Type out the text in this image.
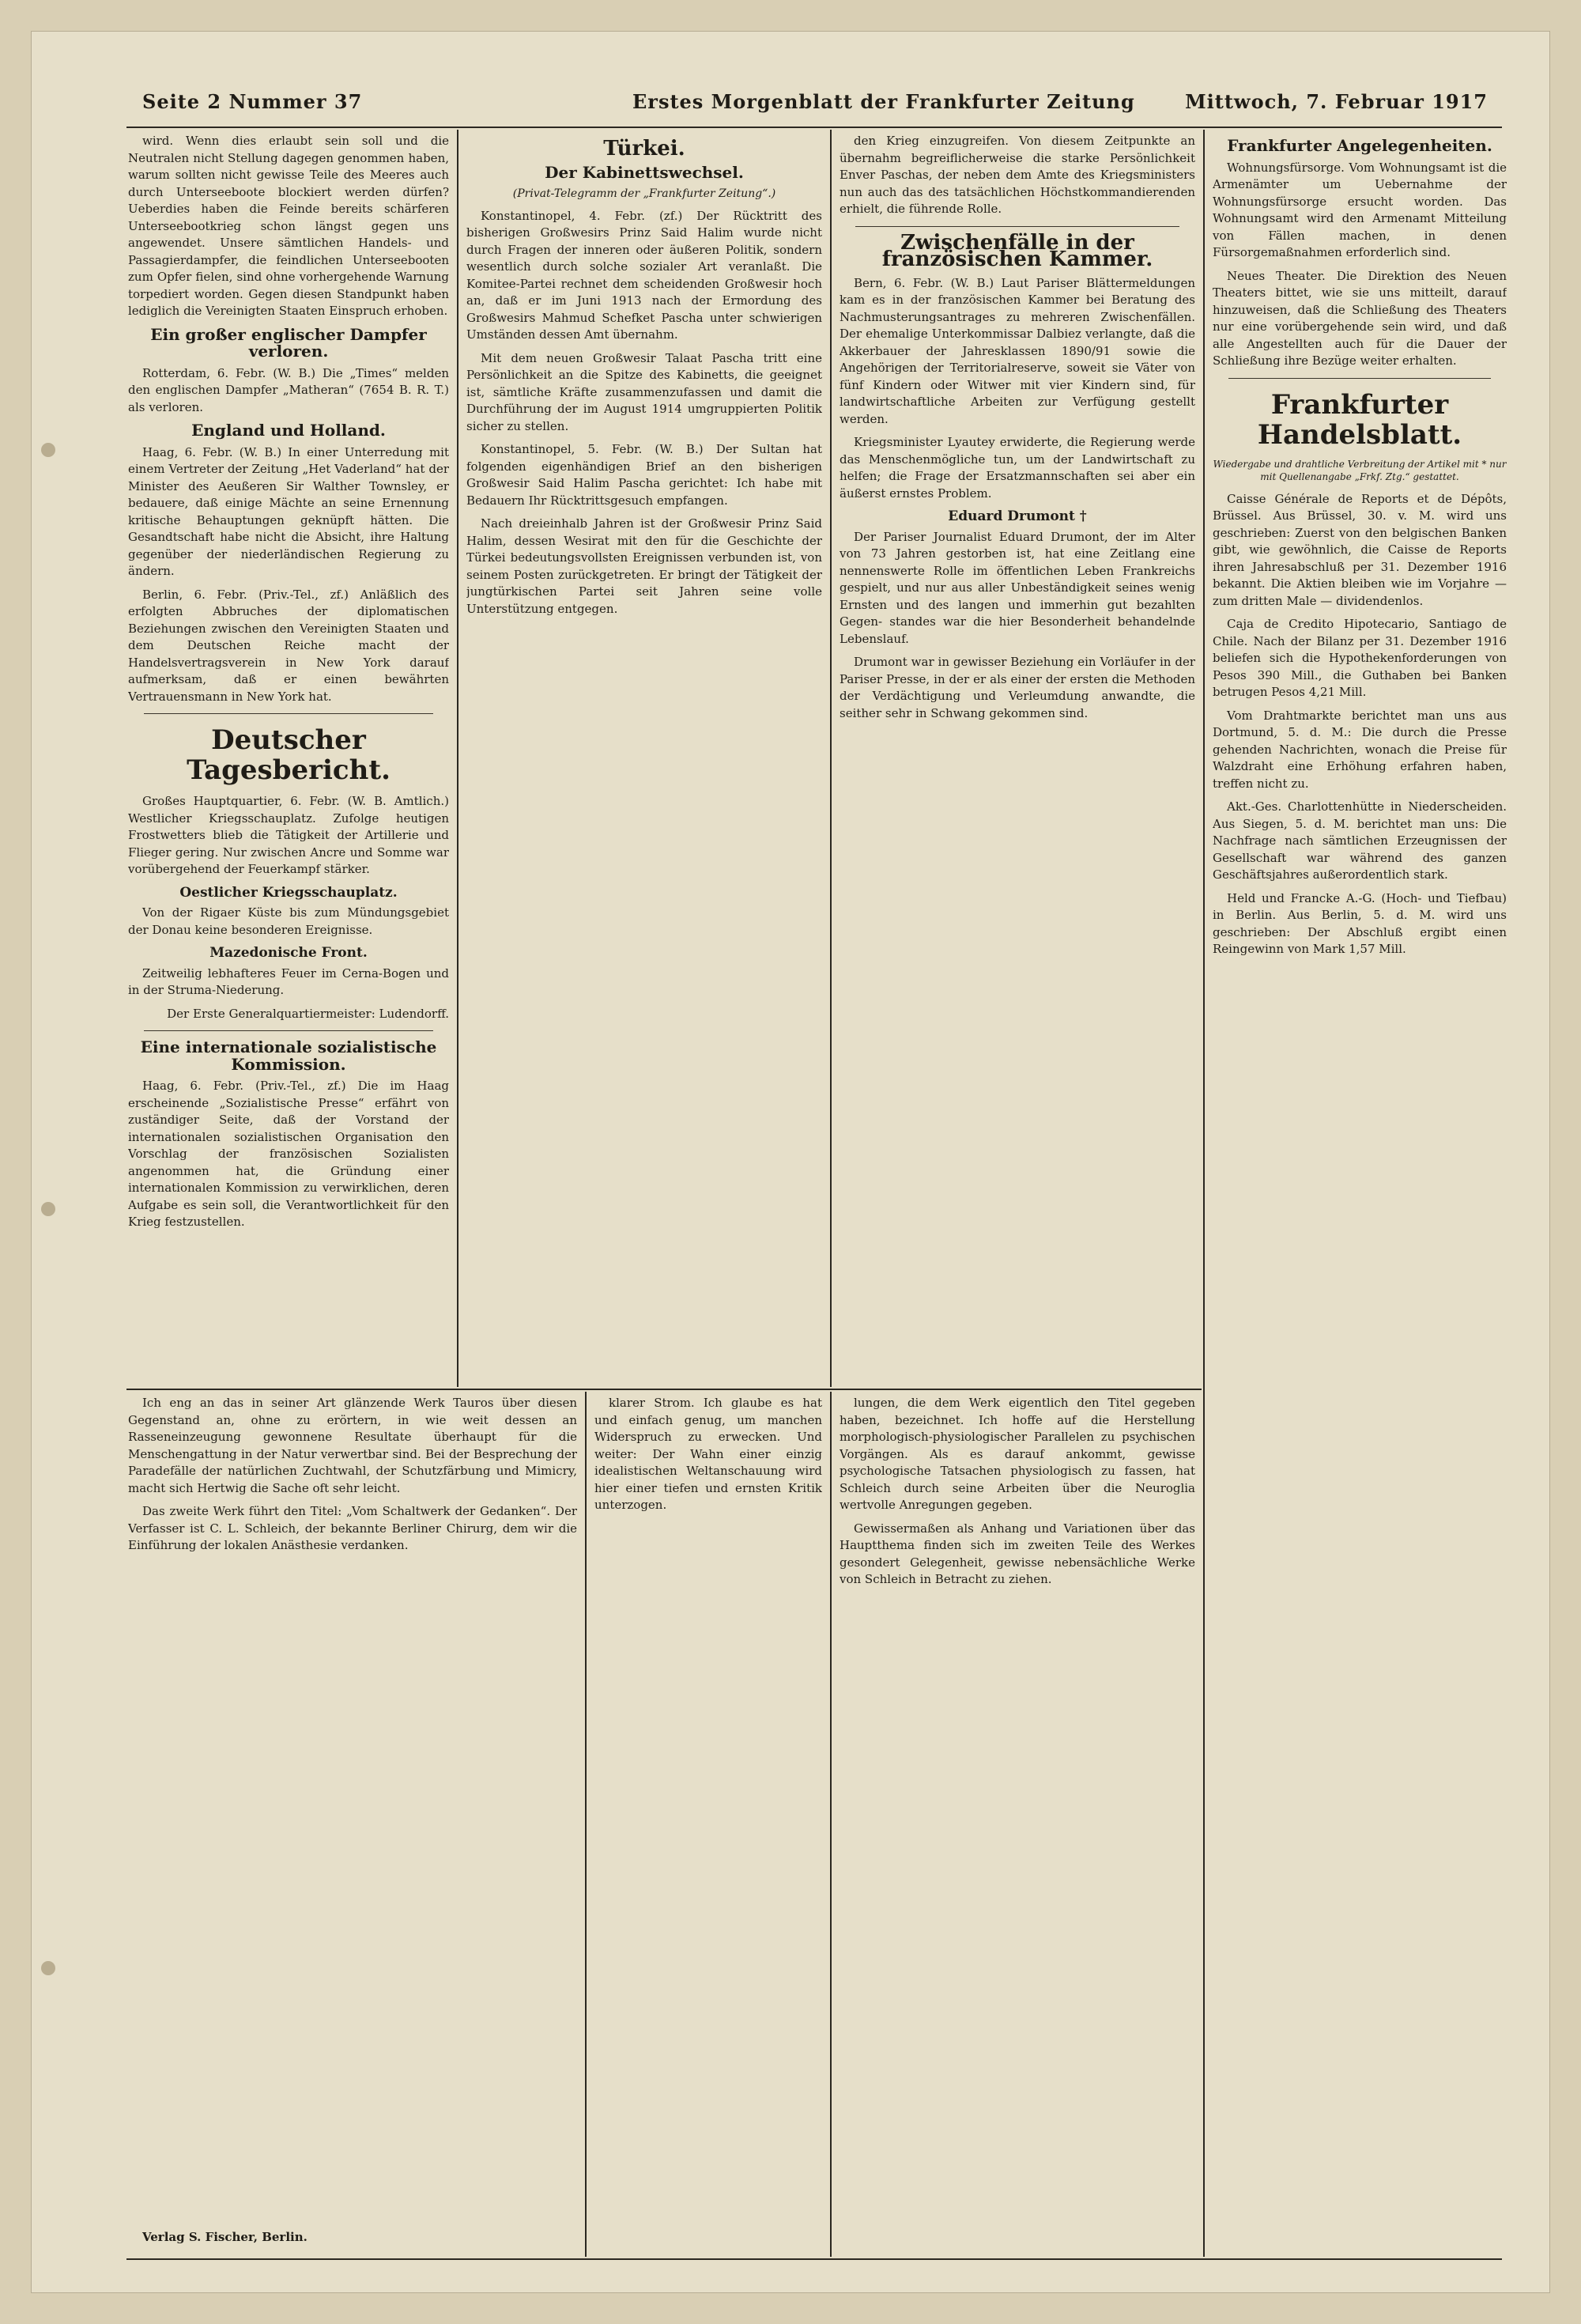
Seite 2 Nummer 37	Erstes Morgenblatt der Frankfurter Zeitung	Mittwoch, 7. Februar 1917

wird. Wenn dies erlaubt sein soll und die Neutralen nicht Stellung dagegen genommen haben, warum sollten nicht gewisse Teile des Meeres auch durch Unterseeboote blockiert werden dürfen? Ueberdies haben die Feinde bereits schärferen Unterseebootkrieg schon längst gegen uns angewendet. Unsere sämtlichen Handels- und Passagierdampfer, die feindlichen Unterseebooten zum Opfer fielen, sind ohne vorhergehende Warnung torpediert worden. Gegen diesen Standpunkt haben lediglich die Vereinigten Staaten Einspruch erhoben.

Ein großer englischer Dampfer verloren.

Rotterdam, 6. Febr. (W. B.) Die „Times“ melden den englischen Dampfer „Matheran“ (7654 B. R. T.) als verloren.

England und Holland.

Haag, 6. Febr. (W. B.) In einer Unterredung mit einem Vertreter der Zeitung „Het Vaderland“ hat der Minister des Aeußeren Sir Walther Townsley, er bedauere, daß einige Mächte an seine Ernennung kritische Behauptungen geknüpft hätten. Die Gesandtschaft habe nicht die Absicht, ihre Haltung gegenüber der niederländischen Regierung zu ändern.

Berlin, 6. Febr. (Priv.-Tel., zf.) Anläßlich des erfolgten Abbruches der diplomatischen Beziehungen zwischen den Vereinigten Staaten und dem Deutschen Reiche macht der Handelsvertragsverein in New York darauf aufmerksam, daß er einen bewährten Vertrauensmann in New York hat.

Deutscher Tagesbericht.

Großes Hauptquartier, 6. Febr. (W. B. Amtlich.) Westlicher Kriegsschauplatz. Zufolge heutigen Frostwetters blieb die Tätigkeit der Artillerie und Flieger gering. Nur zwischen Ancre und Somme war vorübergehend der Feuerkampf stärker.

Oestlicher Kriegsschauplatz.

Von der Rigaer Küste bis zum Mündungsgebiet der Donau keine besonderen Ereignisse.

Mazedonische Front.

Zeitweilig lebhafteres Feuer im Cerna-Bogen und in der Struma-Niederung.

Der Erste Generalquartiermeister: Ludendorff.
Eine internationale sozialistische Kommission.

Haag, 6. Febr. (Priv.-Tel., zf.) Die im Haag erscheinende „Sozialistische Presse“ erfährt von zuständiger Seite, daß der Vorstand der internationalen sozialistischen Organisation den Vorschlag der französischen Sozialisten angenommen hat, die Gründung einer internationalen Kommission zu verwirklichen, deren Aufgabe es sein soll, die Verantwortlichkeit für den Krieg festzustellen.

Türkei.
Der Kabinettswechsel.
(Privat-Telegramm der „Frankfurter Zeitung“.)

Konstantinopel, 4. Febr. (zf.) Der Rücktritt des bisherigen Großwesirs Prinz Said Halim wurde nicht durch Fragen der inneren oder äußeren Politik, sondern wesentlich durch solche sozialer Art veranlaßt. Die Komitee-Partei rechnet dem scheidenden Großwesir hoch an, daß er im Juni 1913 nach der Ermordung des Großwesirs Mahmud Schefket Pascha unter schwierigen Umständen dessen Amt übernahm.

Mit dem neuen Großwesir Talaat Pascha tritt eine Persönlichkeit an die Spitze des Kabinetts, die geeignet ist, sämtliche Kräfte zusammenzufassen und damit die Durchführung der im August 1914 umgruppierten Politik sicher zu stellen.

Konstantinopel, 5. Febr. (W. B.) Der Sultan hat folgenden eigenhändigen Brief an den bisherigen Großwesir Said Halim Pascha gerichtet: Ich habe mit Bedauern Ihr Rücktrittsgesuch empfangen.

Nach dreieinhalb Jahren ist der Großwesir Prinz Said Halim, dessen Wesirat mit den für die Geschichte der Türkei bedeutungsvollsten Ereignissen verbunden ist, von seinem Posten zurückgetreten. Er bringt der Tätigkeit der jungtürkischen Partei seit Jahren seine volle Unterstützung entgegen.

den Krieg einzugreifen. Von diesem Zeitpunkte an übernahm begreiflicherweise die starke Persönlichkeit Enver Paschas, der neben dem Amte des Kriegsministers nun auch das des tatsächlichen Höchstkommandierenden erhielt, die führende Rolle.

Zwischenfälle in der französischen Kammer.

Bern, 6. Febr. (W. B.) Laut Pariser Blättermeldungen kam es in der französischen Kammer bei Beratung des Nachmusterungsantrages zu mehreren Zwischenfällen. Der ehemalige Unterkommissar Dalbiez verlangte, daß die Akkerbauer der Jahresklassen 1890/91 sowie die Angehörigen der Territorialreserve, soweit sie Väter von fünf Kindern oder Witwer mit vier Kindern sind, für landwirtschaftliche Arbeiten zur Verfügung gestellt werden.

Kriegsminister Lyautey erwiderte, die Regierung werde das Menschenmögliche tun, um der Landwirtschaft zu helfen; die Frage der Ersatzmannschaften sei aber ein äußerst ernstes Problem.

Eduard Drumont †

Der Pariser Journalist Eduard Drumont, der im Alter von 73 Jahren gestorben ist, hat eine Zeitlang eine nennenswerte Rolle im öffentlichen Leben Frankreichs gespielt, und nur aus aller Unbeständigkeit seines wenig Ernsten und des langen und immerhin gut bezahlten Gegen- standes war die hier Besonderheit behandelnde Lebenslauf.

Drumont war in gewisser Beziehung ein Vorläufer in der Pariser Presse, in der er als einer der ersten die Methoden der Verdächtigung und Verleumdung anwandte, die seither sehr in Schwang gekommen sind.

Frankfurter Angelegenheiten.

Wohnungsfürsorge. Vom Wohnungsamt ist die Armenämter um Uebernahme der Wohnungsfürsorge ersucht worden. Das Wohnungsamt wird den Armenamt Mitteilung von Fällen machen, in denen Fürsorgemaßnahmen erforderlich sind.

Neues Theater. Die Direktion des Neuen Theaters bittet, wie sie uns mitteilt, darauf hinzuweisen, daß die Schließung des Theaters nur eine vorübergehende sein wird, und daß alle Angestellten auch für die Dauer der Schließung ihre Bezüge weiter erhalten.

Frankfurter Handelsblatt.
Wiedergabe und drahtliche Verbreitung der Artikel mit * nur mit Quellenangabe „Frkf. Ztg.“ gestattet.

Caisse Générale de Reports et de Dépôts, Brüssel. Aus Brüssel, 30. v. M. wird uns geschrieben: Zuerst von den belgischen Banken gibt, wie gewöhnlich, die Caisse de Reports ihren Jahresabschluß per 31. Dezember 1916 bekannt. Die Aktien bleiben wie im Vorjahre — zum dritten Male — dividendenlos.

Caja de Credito Hipotecario, Santiago de Chile. Nach der Bilanz per 31. Dezember 1916 beliefen sich die Hypothekenforderungen von Pesos 390 Mill., die Guthaben bei Banken betrugen Pesos 4,21 Mill.

Vom Drahtmarkte berichtet man uns aus Dortmund, 5. d. M.: Die durch die Presse gehenden Nachrichten, wonach die Preise für Walzdraht eine Erhöhung erfahren haben, treffen nicht zu.

Akt.-Ges. Charlottenhütte in Niederscheiden. Aus Siegen, 5. d. M. berichtet man uns: Die Nachfrage nach sämtlichen Erzeugnissen der Gesellschaft war während des ganzen Geschäftsjahres außerordentlich stark.

Held und Francke A.-G. (Hoch- und Tiefbau) in Berlin. Aus Berlin, 5. d. M. wird uns geschrieben: Der Abschluß ergibt einen Reingewinn von Mark 1,57 Mill.

Ich eng an das in seiner Art glänzende Werk Tauros über diesen Gegenstand an, ohne zu erörtern, in wie weit dessen an Rasseneinzeugung gewonnene Resultate überhaupt für die Menschengattung in der Natur verwertbar sind. Bei der Besprechung der Paradefälle der natürlichen Zuchtwahl, der Schutzfärbung und Mimicry, macht sich Hertwig die Sache oft sehr leicht.

Das zweite Werk führt den Titel: „Vom Schaltwerk der Gedanken“. Der Verfasser ist C. L. Schleich, der bekannte Berliner Chirurg, dem wir die Einführung der lokalen Anästhesie verdanken.

klarer Strom. Ich glaube es hat und einfach genug, um manchen Widerspruch zu erwecken. Und weiter: Der Wahn einer einzig idealistischen Weltanschauung wird hier einer tiefen und ernsten Kritik unterzogen.

lungen, die dem Werk eigentlich den Titel gegeben haben, bezeichnet. Ich hoffe auf die Herstellung morphologisch-physiologischer Parallelen zu psychischen Vorgängen. Als es darauf ankommt, gewisse psychologische Tatsachen physiologisch zu fassen, hat Schleich durch seine Arbeiten über die Neuroglia wertvolle Anregungen gegeben.

Gewissermaßen als Anhang und Variationen über das Hauptthema finden sich im zweiten Teile des Werkes gesondert Gelegenheit, gewisse nebensächliche Werke von Schleich in Betracht zu ziehen.

Verlag S. Fischer, Berlin.
